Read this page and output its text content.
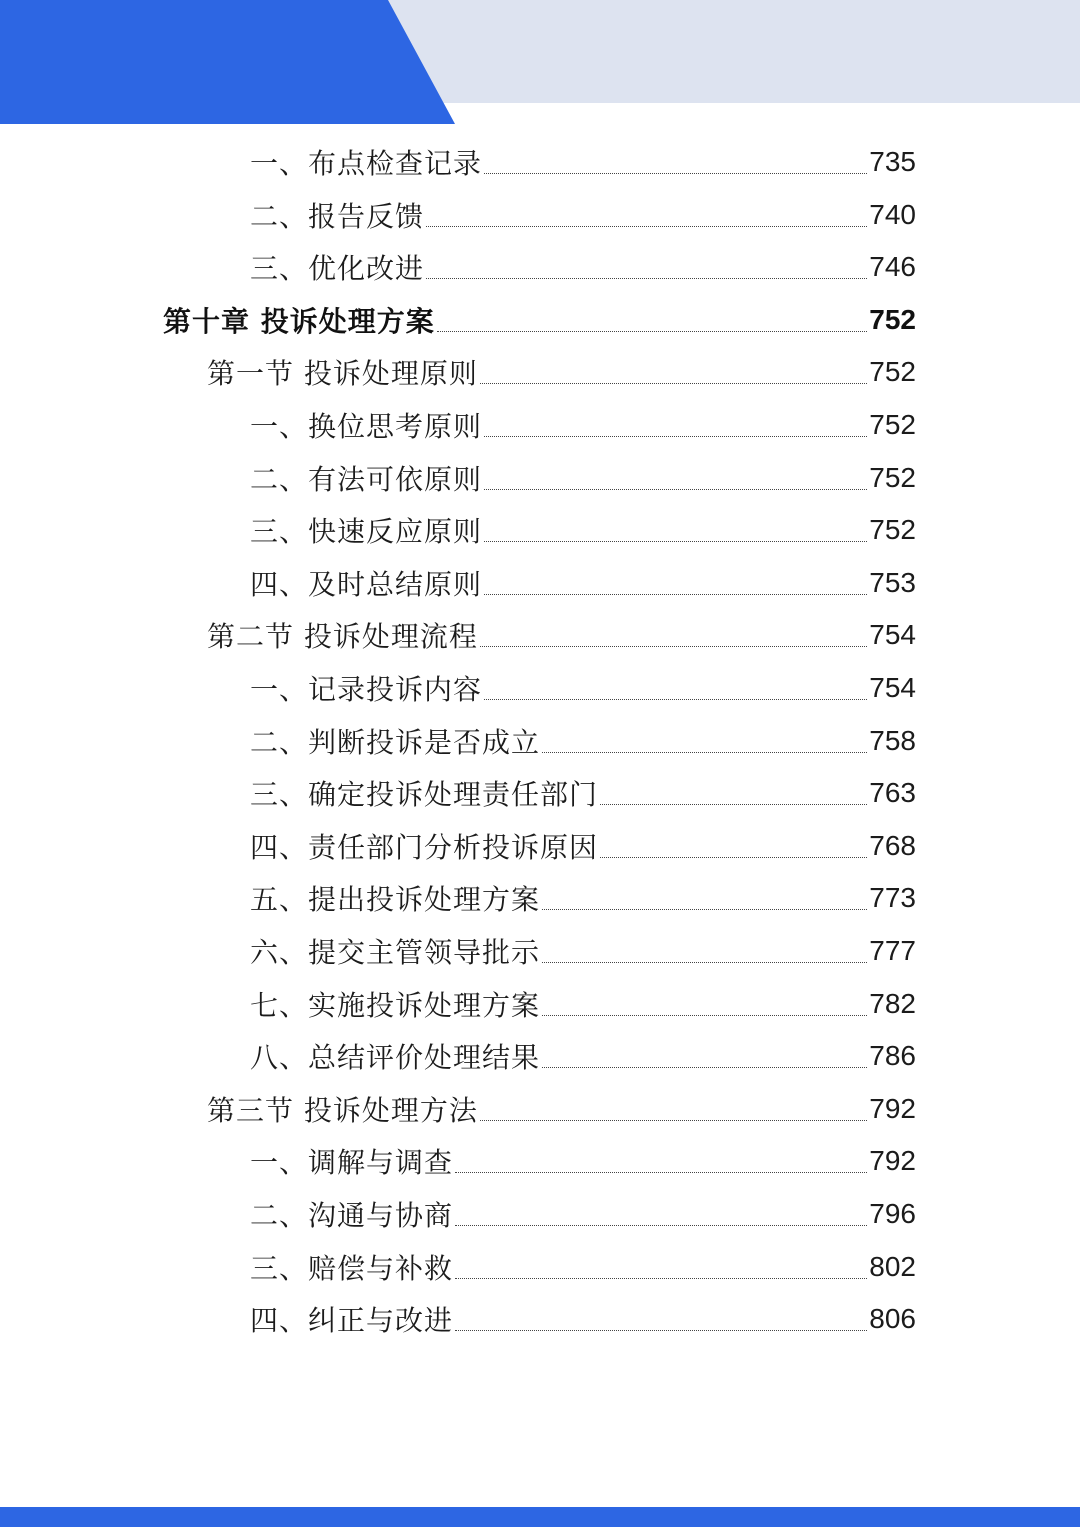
一、布点检查记录	735
二、报告反馈	740
三、优化改进	746
第十章 投诉处理方案	752
第一节 投诉处理原则	752
一、换位思考原则	752
二、有法可依原则	752
三、快速反应原则	752
四、及时总结原则	753
第二节 投诉处理流程	754
一、记录投诉内容	754
二、判断投诉是否成立	758
三、确定投诉处理责任部门	763
四、责任部门分析投诉原因	768
五、提出投诉处理方案	773
六、提交主管领导批示	777
七、实施投诉处理方案	782
八、总结评价处理结果	786
第三节 投诉处理方法	792
一、调解与调查	792
二、沟通与协商	796
三、赔偿与补救	802
四、纠正与改进	806
